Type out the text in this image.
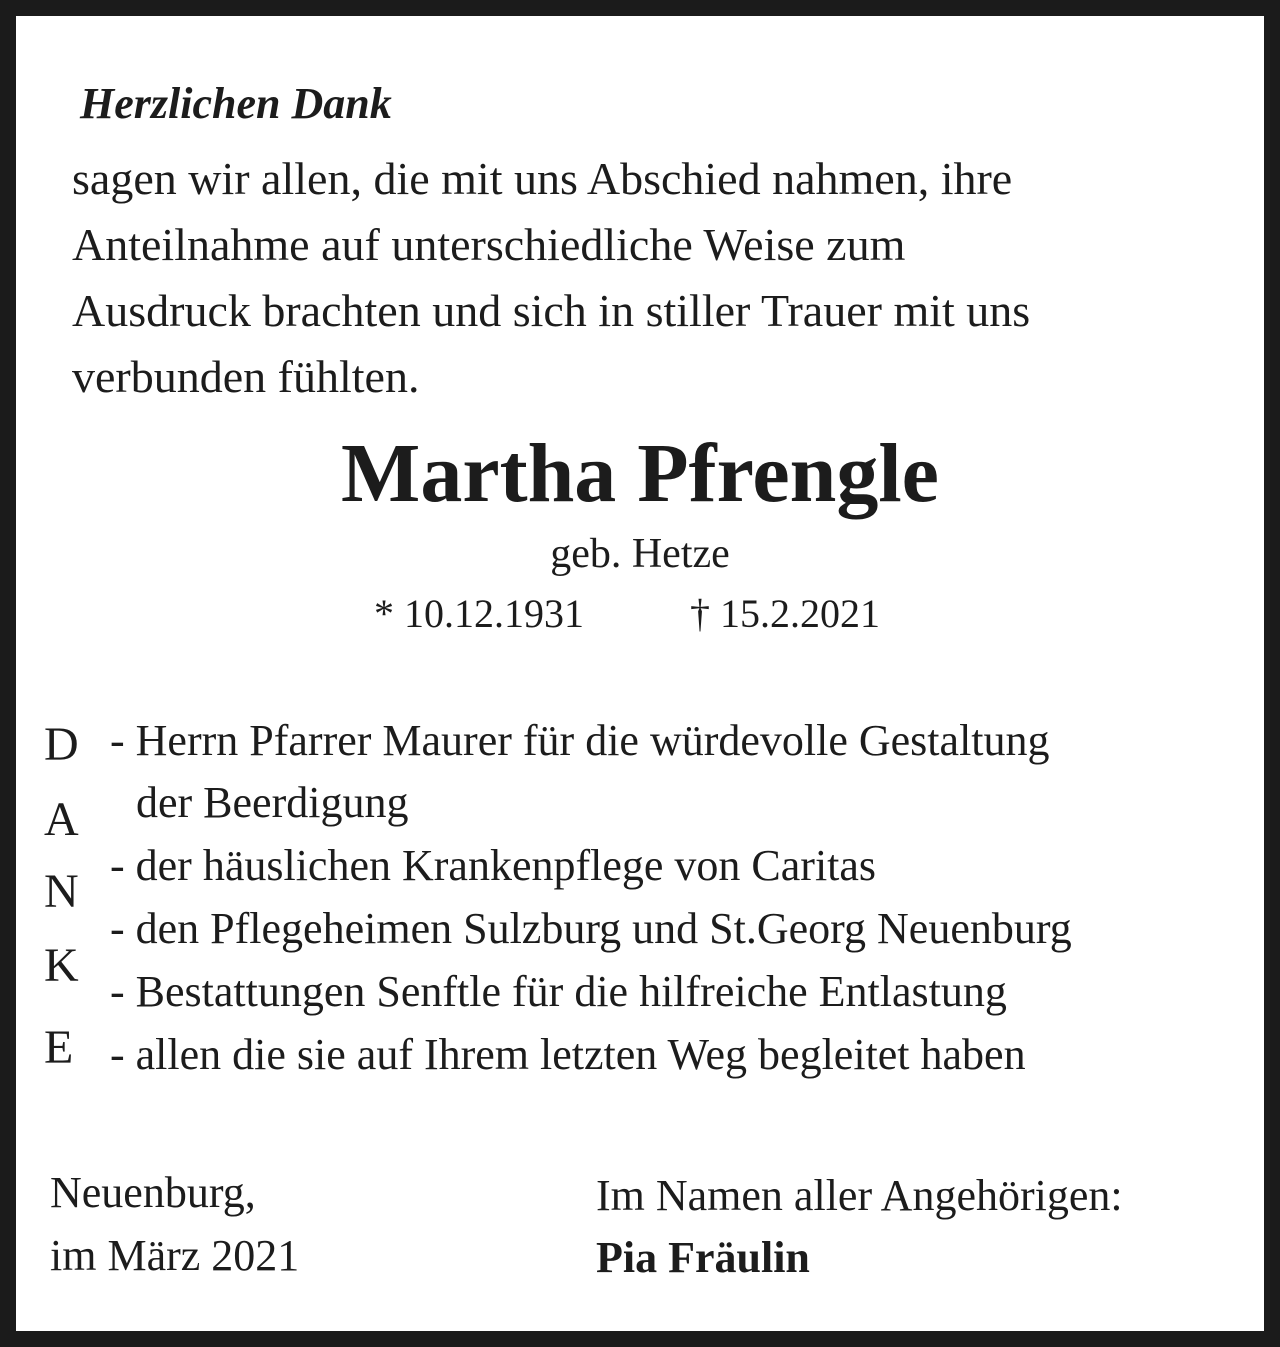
Herzlichen Dank
sagen wir allen, die mit uns Abschied nahmen, ihre
Anteilnahme auf unterschiedliche Weise zum
Ausdruck brachten und sich in stiller Trauer mit uns
verbunden fühlten.
Martha Pfrengle
geb. Hetze
* 10.12.1931	† 15.2.2021
D
A
N
K
E
- Herrn Pfarrer Maurer für die würdevolle Gestaltung
der Beerdigung
- der häuslichen Krankenpflege von Caritas
- den Pflegeheimen Sulzburg und St.Georg Neuenburg
- Bestattungen Senftle für die hilfreiche Entlastung
- allen die sie auf Ihrem letzten Weg begleitet haben
Neuenburg,
im März 2021
Im Namen aller Angehörigen:
Pia Fräulin
